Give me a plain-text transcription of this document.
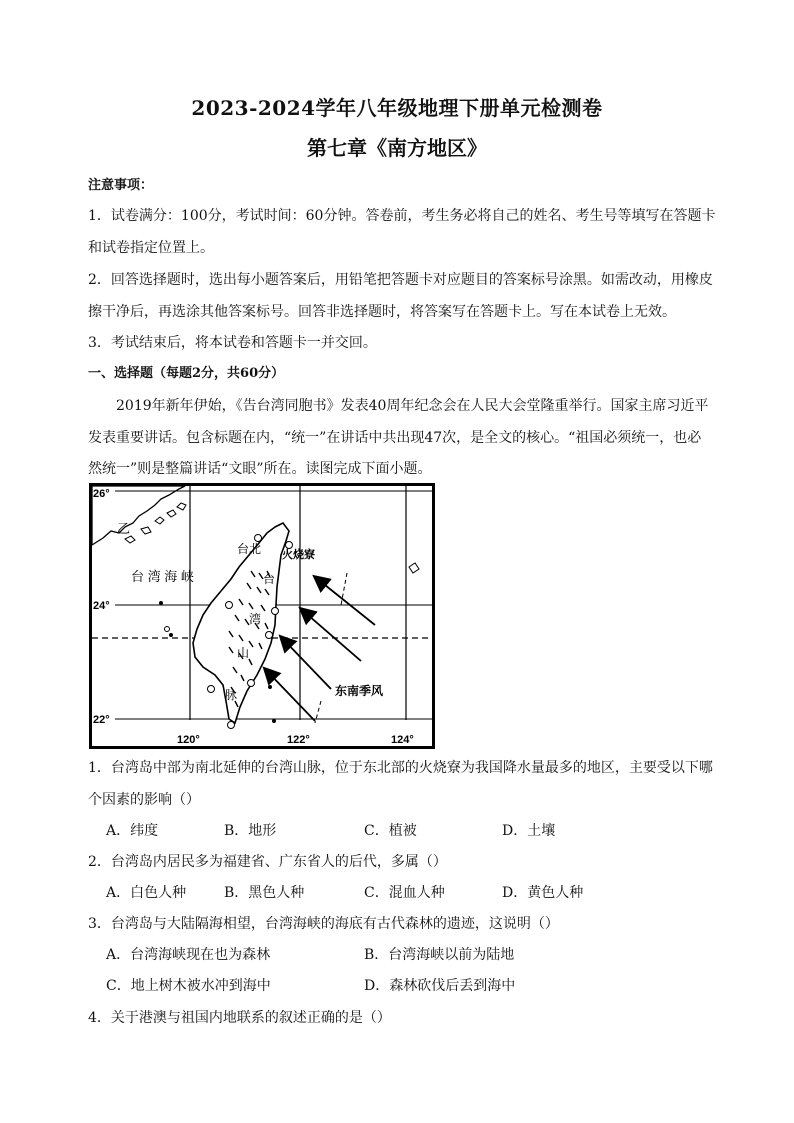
2023-2024学年八年级地理下册单元检测卷
第七章《南方地区》
注意事项：
1．试卷满分：100分，考试时间：60分钟。答卷前，考生务必将自己的姓名、考生号等填写在答题卡
和试卷指定位置上。
2．回答选择题时，选出每小题答案后，用铅笔把答题卡对应题目的答案标号涂黑。如需改动，用橡皮
擦干净后，再选涂其他答案标号。回答非选择题时，将答案写在答题卡上。写在本试卷上无效。
3．考试结束后，将本试卷和答题卡一并交回。
一、选择题（每题2分，共60分）
2019年新年伊始，《告台湾同胞书》发表40周年纪念会在人民大会堂隆重举行。国家主席习近平
发表重要讲话。包含标题在内，“统一”在讲话中共出现47次，是全文的核心。“祖国必须统一，也必
然统一”则是整篇讲话“文眼”所在。读图完成下面小题。
26°
24°
22°
120°	122°	124°
乙
台 湾 海 峡
台北 火烧寮
台
湾
山
脉	东南季风
1．台湾岛中部为南北延伸的台湾山脉，位于东北部的火烧寮为我国降水量最多的地区，主要受以下哪
个因素的影响（）
A．纬度	B．地形	C．植被	D．土壤
2．台湾岛内居民多为福建省、广东省人的后代，多属（）
A．白色人种	B．黑色人种	C．混血人种	D．黄色人种
3．台湾岛与大陆隔海相望，台湾海峡的海底有古代森林的遗迹，这说明（）
A．台湾海峡现在也为森林	B．台湾海峡以前为陆地
C．地上树木被水冲到海中	D．森林砍伐后丢到海中
4．关于港澳与祖国内地联系的叙述正确的是（）
